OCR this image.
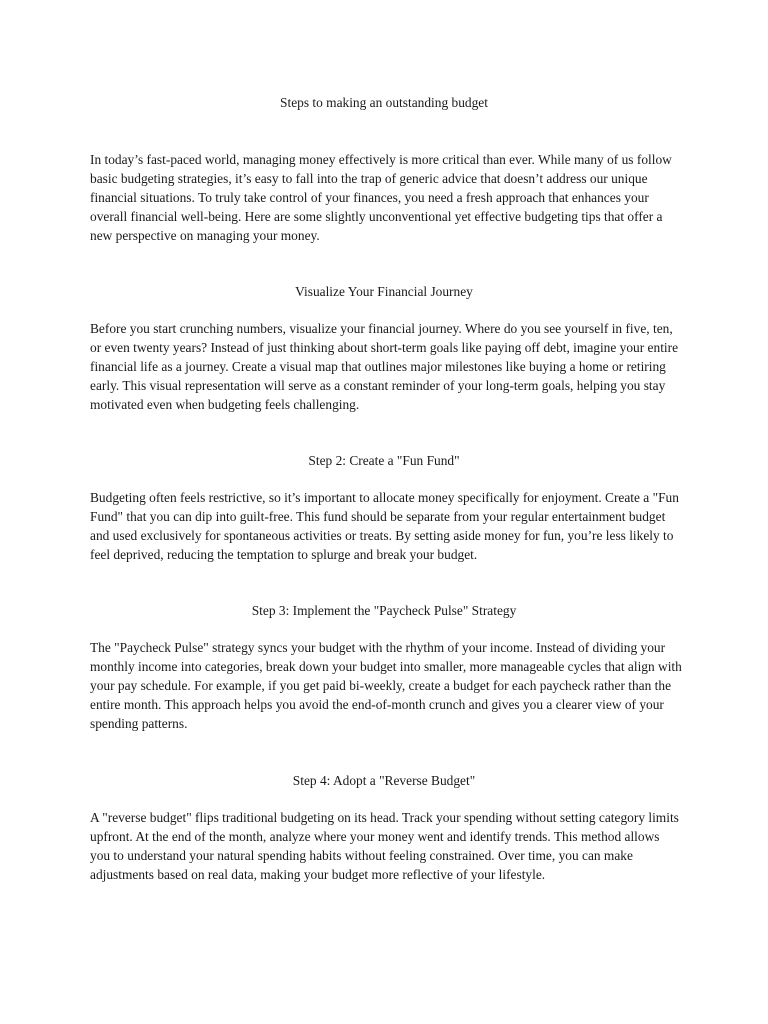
Steps to making an outstanding budget

In today’s fast-paced world, managing money effectively is more critical than ever. While many of us follow basic budgeting strategies, it’s easy to fall into the trap of generic advice that doesn’t address our unique financial situations. To truly take control of your finances, you need a fresh approach that enhances your overall financial well-being. Here are some slightly unconventional yet effective budgeting tips that offer a new perspective on managing your money.

Visualize Your Financial Journey

Before you start crunching numbers, visualize your financial journey. Where do you see yourself in five, ten, or even twenty years? Instead of just thinking about short-term goals like paying off debt, imagine your entire financial life as a journey. Create a visual map that outlines major milestones like buying a home or retiring early. This visual representation will serve as a constant reminder of your long-term goals, helping you stay motivated even when budgeting feels challenging.

Step 2: Create a "Fun Fund"

Budgeting often feels restrictive, so it’s important to allocate money specifically for enjoyment. Create a "Fun Fund" that you can dip into guilt-free. This fund should be separate from your regular entertainment budget and used exclusively for spontaneous activities or treats. By setting aside money for fun, you’re less likely to feel deprived, reducing the temptation to splurge and break your budget.

Step 3: Implement the "Paycheck Pulse" Strategy

The "Paycheck Pulse" strategy syncs your budget with the rhythm of your income. Instead of dividing your monthly income into categories, break down your budget into smaller, more manageable cycles that align with your pay schedule. For example, if you get paid bi-weekly, create a budget for each paycheck rather than the entire month. This approach helps you avoid the end-of-month crunch and gives you a clearer view of your spending patterns.

Step 4: Adopt a "Reverse Budget"

A "reverse budget" flips traditional budgeting on its head. Track your spending without setting category limits upfront. At the end of the month, analyze where your money went and identify trends. This method allows you to understand your natural spending habits without feeling constrained. Over time, you can make adjustments based on real data, making your budget more reflective of your lifestyle.
